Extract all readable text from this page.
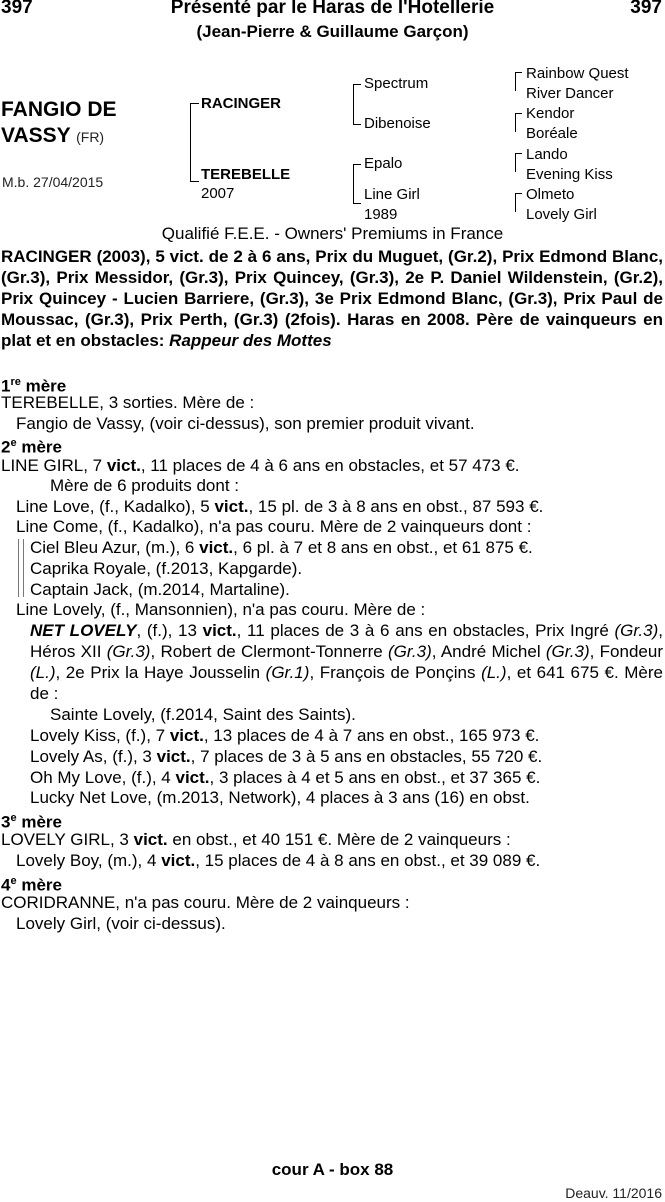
397	Présenté par le Haras de l'Hotellerie	397
(Jean-Pierre & Guillaume Garçon)
FANGIO DE
VASSY (FR)
M.b. 27/04/2015
RACINGER
TEREBELLE
2007
Spectrum
Dibenoise
Epalo
Line Girl
1989
Rainbow Quest
River Dancer
Kendor
Boréale
Lando
Evening Kiss
Olmeto
Lovely Girl
Qualifié F.E.E. - Owners' Premiums in France
RACINGER (2003), 5 vict. de 2 à 6 ans, Prix du Muguet, (Gr.2), Prix Edmond Blanc, (Gr.3), Prix Messidor, (Gr.3), Prix Quincey, (Gr.3), 2e P. Daniel Wildenstein, (Gr.2), Prix Quincey - Lucien Barriere, (Gr.3), 3e Prix Edmond Blanc, (Gr.3), Prix Paul de Moussac, (Gr.3), Prix Perth, (Gr.3) (2fois). Haras en 2008. Père de vainqueurs en plat et en obstacles: Rappeur des Mottes
1re mère
TEREBELLE, 3 sorties. Mère de :
Fangio de Vassy, (voir ci-dessus), son premier produit vivant.
2e mère
LINE GIRL, 7 vict., 11 places de 4 à 6 ans en obstacles, et 57 473 €.
Mère de 6 produits dont :
Line Love, (f., Kadalko), 5 vict., 15 pl. de 3 à 8 ans en obst., 87 593 €.
Line Come, (f., Kadalko), n'a pas couru. Mère de 2 vainqueurs dont :
Ciel Bleu Azur, (m.), 6 vict., 6 pl. à 7 et 8 ans en obst., et 61 875 €.
Caprika Royale, (f.2013, Kapgarde).
Captain Jack, (m.2014, Martaline).
Line Lovely, (f., Mansonnien), n'a pas couru. Mère de :
NET LOVELY, (f.), 13 vict., 11 places de 3 à 6 ans en obstacles, Prix Ingré (Gr.3), Héros XII (Gr.3), Robert de Clermont-Tonnerre (Gr.3), André Michel (Gr.3), Fondeur (L.), 2e Prix la Haye Jousselin (Gr.1), François de Ponçins (L.), et 641 675 €. Mère de :
Sainte Lovely, (f.2014, Saint des Saints).
Lovely Kiss, (f.), 7 vict., 13 places de 4 à 7 ans en obst., 165 973 €.
Lovely As, (f.), 3 vict., 7 places de 3 à 5 ans en obstacles, 55 720 €.
Oh My Love, (f.), 4 vict., 3 places à 4 et 5 ans en obst., et 37 365 €.
Lucky Net Love, (m.2013, Network), 4 places à 3 ans (16) en obst.
3e mère
LOVELY GIRL, 3 vict. en obst., et 40 151 €. Mère de 2 vainqueurs :
Lovely Boy, (m.), 4 vict., 15 places de 4 à 8 ans en obst., et 39 089 €.
4e mère
CORIDRANNE, n'a pas couru. Mère de 2 vainqueurs :
Lovely Girl, (voir ci-dessus).
cour A - box 88
Deauv. 11/2016
